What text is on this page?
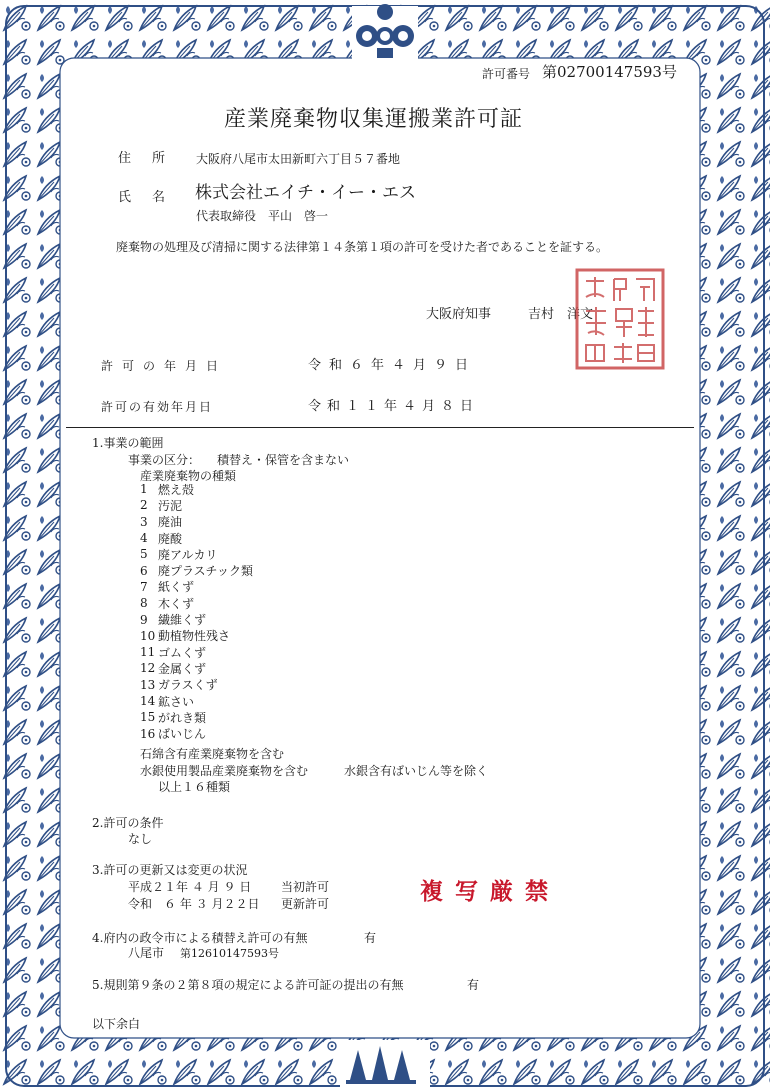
許可番号 第02700147593号
産業廃棄物収集運搬業許可証
住　所 大阪府八尾市太田新町六丁目５７番地
氏　名 株式会社エイチ・イー・エス
代表取締役　平山　啓一
廃棄物の処理及び清掃に関する法律第１４条第１項の許可を受けた者であることを証する。
大阪府知事	吉村　洋文
許可の年月日	令和６年４月９日
許可の有効年月日	令和１１年４月８日
1.事業の範囲
事業の区分： 積替え・保管を含まない
産業廃棄物の種類
1 燃え殻
2 汚泥
3 廃油
4 廃酸
5 廃アルカリ
6 廃プラスチック類
7 紙くず
8 木くず
9 繊維くず
10 動植物性残さ
11 ゴムくず
12 金属くず
13 ガラスくず
14 鉱さい
15 がれき類
16 ばいじん
石綿含有産業廃棄物を含む
水銀使用製品産業廃棄物を含む	水銀含有ばいじん等を除く
以上１６種類
2.許可の条件
なし
3.許可の更新又は変更の状況
平成２１年 ４ 月 ９ 日 当初許可
令和　６ 年 ３ 月２２日 更新許可	複写厳禁
4.府内の政令市による積替え許可の有無	有
八尾市 第12610147593号
5.規則第９条の２第８項の規定による許可証の提出の有無	有
以下余白
